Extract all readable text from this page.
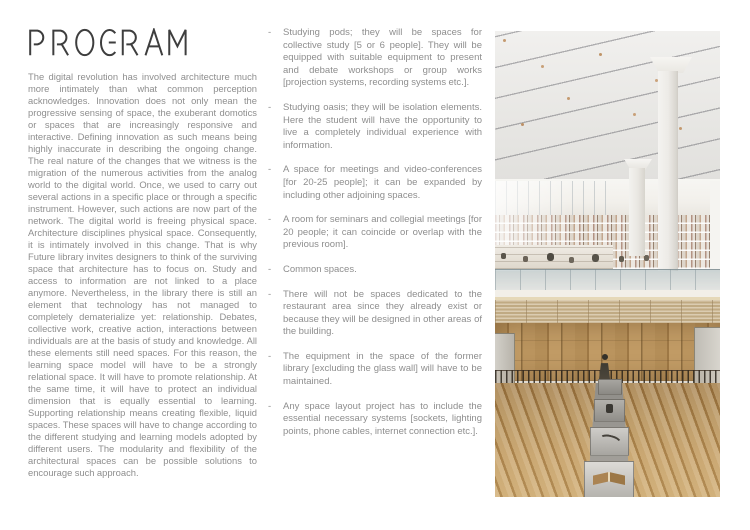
The digital revolution has involved architecture much more intimately than what common perception acknowledges. Innovation does not only mean the progressive sensing of space, the exuberant domotics or spaces that are increasingly responsive and interactive. Defining innovation as such means being highly inaccurate in describing the ongoing change. The real nature of the changes that we witness is the migration of the numerous activities from the analog world to the digital world. Once, we used to carry out several actions in a specific place or through a specific instrument. However, such actions are now part of the network. The digital world is freeing physical space. Architecture disciplines physical space. Consequently, it is intimately involved in this change. That is why Future library invites designers to think of the surviving space that architecture has to focus on. Study and access to information are not linked to a place anymore. Nevertheless, in the library there is still an element that technology has not managed to completely dematerialize yet: relationship. Debates, collective work, creative action, interactions between individuals are at the basis of study and knowledge. All these elements still need spaces. For this reason, the learning space model will have to be a strongly relational space. It will have to promote relationship. At the same time, it will have to protect an individual dimension that is equally essential to learning. Supporting relationship means creating flexible, liquid spaces. These spaces will have to change according to the different studying and learning models adopted by different users. The modularity and flexibility of the architectural spaces can be possible solutions to encourage such approach.
-	Studying pods; they will be spaces for collective study [5 or 6 people]. They will be equipped with suitable equipment to present and debate workshops or group works [projection systems, recording systems etc.].
-	Studying oasis; they will be isolation elements. Here the student will have the opportunity to live a completely individual experience with information.
-	A space for meetings and video-conferences [for 20-25 people]; it can be expanded by including other adjoining spaces.
-	A room for seminars and collegial meetings [for 20 people; it can coincide or overlap with the previous room].
-	Common spaces.
-	There will not be spaces dedicated to the restaurant area since they already exist or because they will be designed in other areas of the building.
-	The equipment in the space of the former library [excluding the glass wall] will have to be maintained.
-	Any space layout project has to include the essential necessary systems [sockets, lighting points, phone cables, internet connection etc.].
